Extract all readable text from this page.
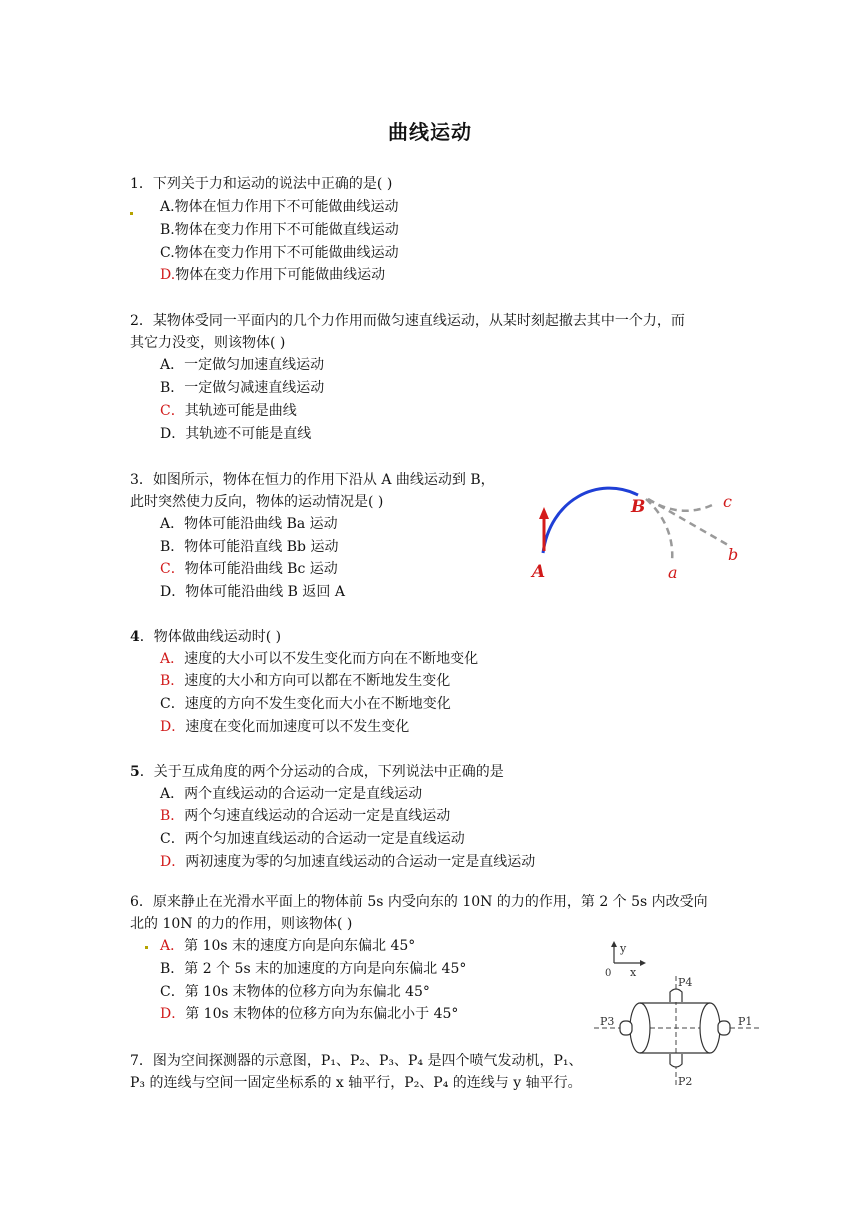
曲线运动
1．下列关于力和运动的说法中正确的是( )
A.物体在恒力作用下不可能做曲线运动
B.物体在变力作用下不可能做直线运动
C.物体在变力作用下不可能做曲线运动
D.物体在变力作用下可能做曲线运动
2．某物体受同一平面内的几个力作用而做匀速直线运动，从某时刻起撤去其中一个力，而
其它力没变，则该物体( )
A．一定做匀加速直线运动
B．一定做匀减速直线运动
C．其轨迹可能是曲线
D．其轨迹不可能是直线
3．如图所示，物体在恒力的作用下沿从 A 曲线运动到 B，
此时突然使力反向，物体的运动情况是( )
A．物体可能沿曲线 Ba 运动
B．物体可能沿直线 Bb 运动
C．物体可能沿曲线 Bc 运动
D．物体可能沿曲线 B 返回 A
A
B
a
b
c
4．物体做曲线运动时( )
A．速度的大小可以不发生变化而方向在不断地变化
B．速度的大小和方向可以都在不断地发生变化
C．速度的方向不发生变化而大小在不断地变化
D．速度在变化而加速度可以不发生变化
5．关于互成角度的两个分运动的合成，下列说法中正确的是
A．两个直线运动的合运动一定是直线运动
B．两个匀速直线运动的合运动一定是直线运动
C．两个匀加速直线运动的合运动一定是直线运动
D．两初速度为零的匀加速直线运动的合运动一定是直线运动
6．原来静止在光滑水平面上的物体前 5s 内受向东的 10N 的力的作用，第 2 个 5s 内改受向
北的 10N 的力的作用，则该物体( )
A．第 10s 末的速度方向是向东偏北 45°
B．第 2 个 5s 末的加速度的方向是向东偏北 45°
C．第 10s 末物体的位移方向为东偏北 45°
D．第 10s 末物体的位移方向为东偏北小于 45°
7．图为空间探测器的示意图，P₁、P₂、P₃、P₄ 是四个喷气发动机，P₁、
P₃ 的连线与空间一固定坐标系的 x 轴平行，P₂、P₄ 的连线与 y 轴平行。
y
0 x
P1
P3
P4
P2
